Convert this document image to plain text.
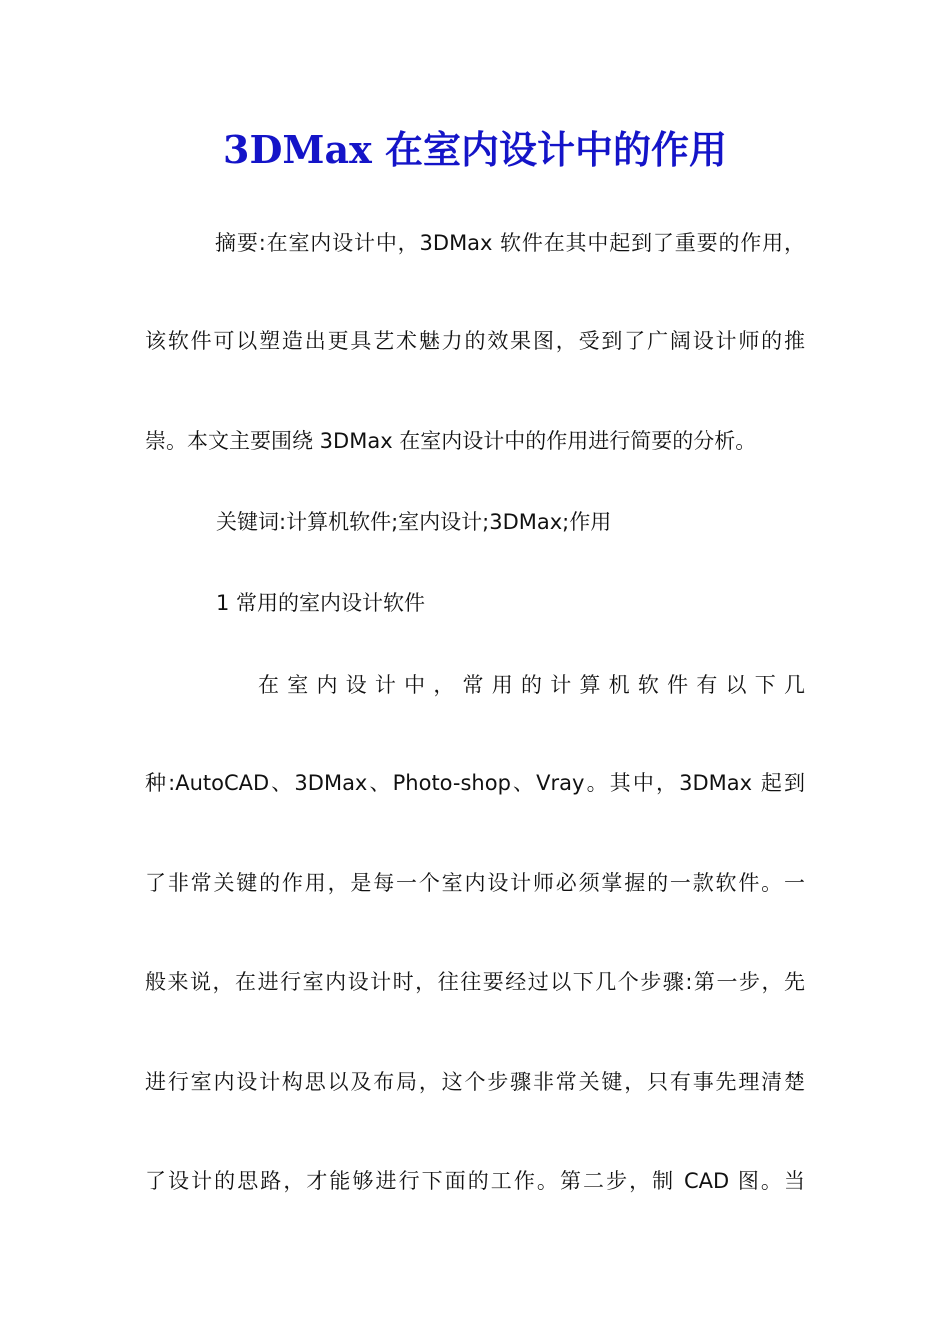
3DMax 在室内设计中的作用
摘要:在室内设计中，3DMax 软件在其中起到了重要的作用，
该软件可以塑造出更具艺术魅力的效果图，受到了广阔设计师的推
崇。本文主要围绕 3DMax 在室内设计中的作用进行简要的分析。
关键词:计算机软件;室内设计;3DMax;作用
1 常用的室内设计软件
在 室 内 设 计 中 ， 常 用 的 计 算 机 软 件 有 以 下 几
种:AutoCAD、3DMax、Photo-shop、Vray。其中，3DMax 起到
了非常关键的作用，是每一个室内设计师必须掌握的一款软件。一
般来说，在进行室内设计时，往往要经过以下几个步骤:第一步，先
进行室内设计构思以及布局，这个步骤非常关键，只有事先理清楚
了设计的思路，才能够进行下面的工作。第二步，制 CAD 图。当
